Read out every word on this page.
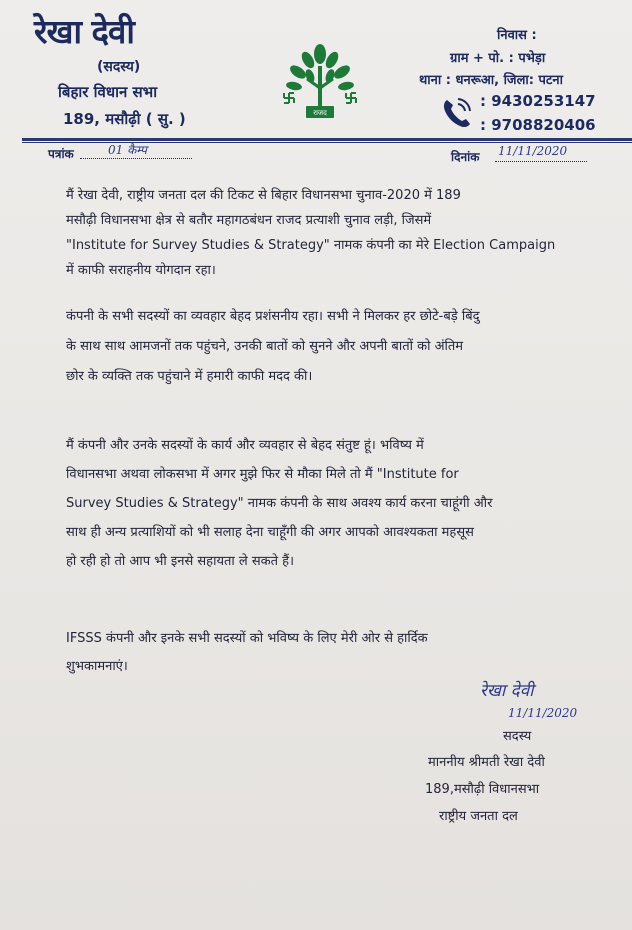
रेखा देवी
(सदस्य)
बिहार विधान सभा
189, मसौढ़ी ( सु. )	राजद
निवास :
ग्राम + पो. : पभेड़ा
थाना : धनरूआ, जिला: पटना
: 9430253147
: 9708820406
पत्रांक	01 कैम्प	दिनांक 11/11/2020
मैं रेखा देवी, राष्ट्रीय जनता दल की टिकट से बिहार विधानसभा चुनाव-2020 में 189
मसौढ़ी विधानसभा क्षेत्र से बतौर महागठबंधन राजद प्रत्याशी चुनाव लड़ी, जिसमें
"Institute for Survey Studies & Strategy" नामक कंपनी का मेरे Election Campaign
में काफी सराहनीय योगदान रहा।
कंपनी के सभी सदस्यों का व्यवहार बेहद प्रशंसनीय रहा। सभी ने मिलकर हर छोटे-बड़े बिंदु
के साथ साथ आमजनों तक पहुंचने, उनकी बातों को सुनने और अपनी बातों को अंतिम
छोर के व्यक्ति तक पहुंचाने में हमारी काफी मदद की।
मैं कंपनी और उनके सदस्यों के कार्य और व्यवहार से बेहद संतुष्ट हूं। भविष्य में
विधानसभा अथवा लोकसभा में अगर मुझे फिर से मौका मिले तो मैं "Institute for
Survey Studies & Strategy" नामक कंपनी के साथ अवश्य कार्य करना चाहूंगी और
साथ ही अन्य प्रत्याशियों को भी सलाह देना चाहूँगी की अगर आपको आवश्यकता महसूस
हो रही हो तो आप भी इनसे सहायता ले सकते हैं।
IFSSS कंपनी और इनके सभी सदस्यों को भविष्य के लिए मेरी ओर से हार्दिक
शुभकामनाएं।
रेखा देवी
11/11/2020
सदस्य
माननीय श्रीमती रेखा देवी
189,मसौढ़ी विधानसभा
राष्ट्रीय जनता दल
